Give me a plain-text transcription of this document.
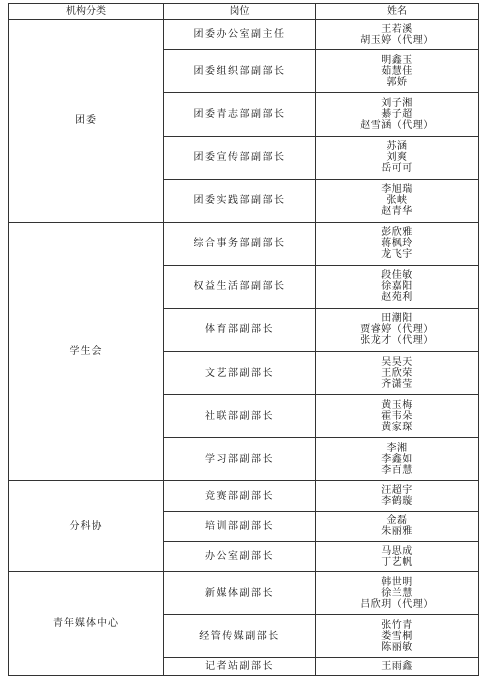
机构分类	岗位	姓名
团委	团委办公室副主任	王若溪
胡玉婷（代理）

	团委组织部副部长	明鑫玉
茹慧佳
郭娇

	团委青志部副部长	刘子湘
綦子超
赵雪涵（代理）

	团委宣传部副部长	苏涵
刘爽
岳可可

	团委实践部副部长	李旭瑞
张峡
赵青华

学生会	综合事务部副部长	彭欣雅
蒋枫玲
龙飞宇

	权益生活部副部长	段佳敏
徐嘉阳
赵苑利

	体育部副部长	田潮阳
贾睿婷（代理）
张龙才（代理）

	文艺部副部长	吴昊天
王欣荣
齐潇莹

	社联部副部长	黄玉梅
霍韦朵
黄家琛

	学习部副部长	李湘
李鑫如
李百慧

分科协	竞赛部副部长	汪超宇
李鹤璇

	培训部副部长	金磊
朱丽雅

	办公室副部长	马思成
丁艺帆

青年媒体中心	新媒体副部长	韩世明
徐兰慧
吕欣玥（代理）

	经管传媒副部长	张竹青
娄雪桐
陈丽敏

	记者站副部长	王雨鑫
